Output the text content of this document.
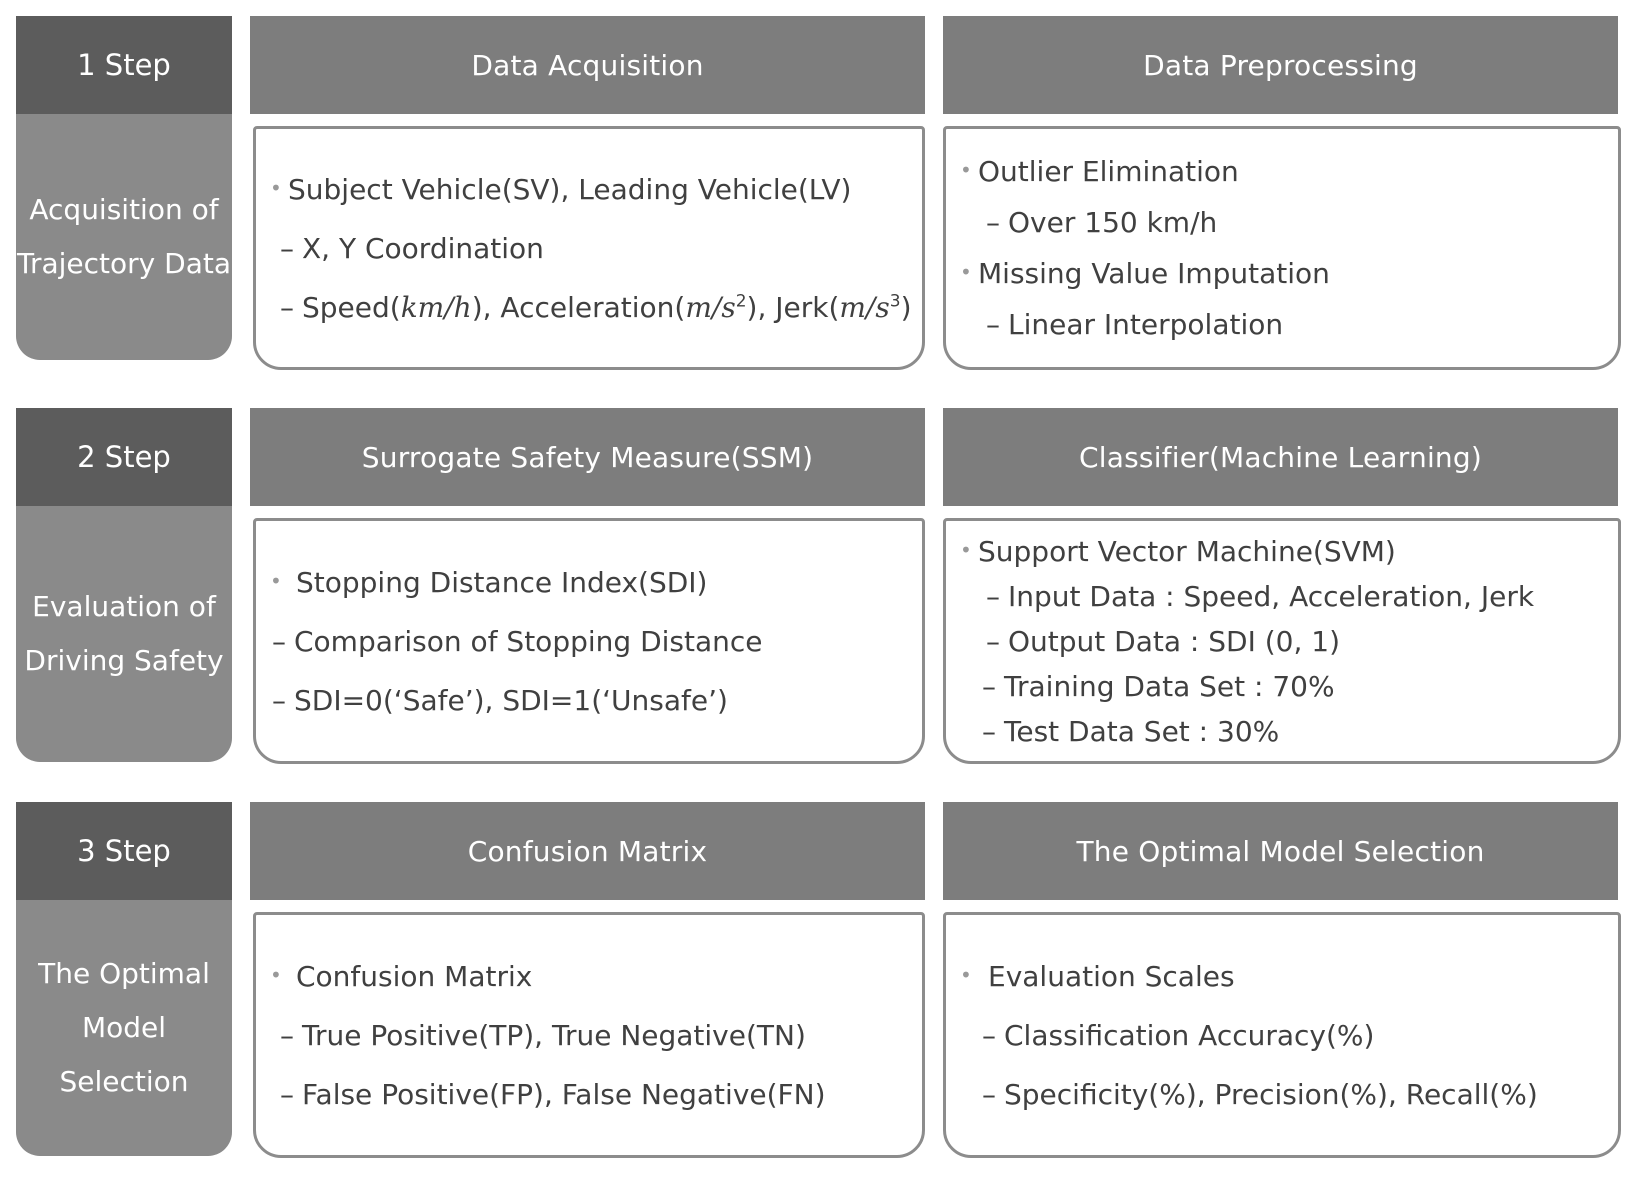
1 Step
Acquisition of
Trajectory Data
Data Acquisition
• Subject Vehicle(SV), Leading Vehicle(LV)
– X, Y Coordination
– Speed(km/h), $Acceleration(m/s^2)$, $Jerk(m/s^3)$
Data Preprocessing
• Outlier Elimination
– Over 150 km/h
• Missing Value Imputation
– Linear Interpolation
2 Step
Evaluation of
Driving Safety
Surrogate Safety Measure(SSM)
• Stopping Distance Index(SDI)
– Comparison of Stopping Distance
– SDI=0(‘Safe’), SDI=1(‘Unsafe’)
Classifier(Machine Learning)
• Support Vector Machine(SVM)
– Input Data : Speed, Acceleration, Jerk
– Output Data : SDI (0, 1)
– Training Data Set : 70%
– Test Data Set : 30%
3 Step
The Optimal
Model
Selection
Confusion Matrix
• Confusion Matrix
– True Positive(TP), True Negative(TN)
– False Positive(FP), False Negative(FN)
The Optimal Model Selection
• Evaluation Scales
– Classification Accuracy(%)
– Specificity(%), Precision(%), Recall(%)
